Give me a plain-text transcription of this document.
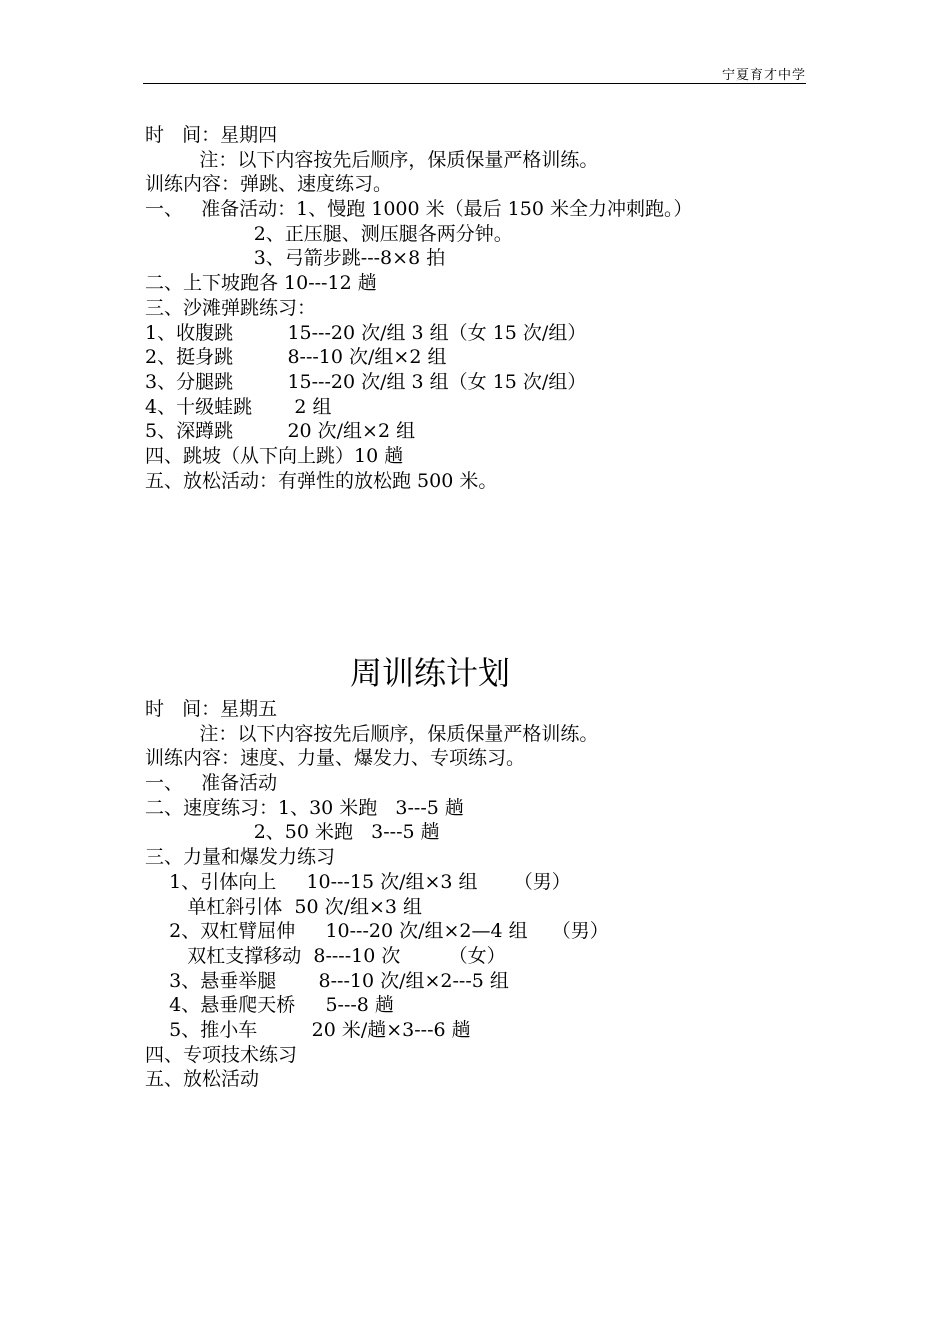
宁夏育才中学
时   间：星期四
注：以下内容按先后顺序，保质保量严格训练。
训练内容：弹跳、速度练习。
一、   准备活动：1、慢跑 1000 米（最后 150 米全力冲刺跑。）
2、正压腿、测压腿各两分钟。
3、弓箭步跳---8×8 拍
二、上下坡跑各 10---12 趟
三、沙滩弹跳练习：
1、收腹跳         15---20 次/组 3 组（女 15 次/组）
2、挺身跳         8---10 次/组×2 组
3、分腿跳         15---20 次/组 3 组（女 15 次/组）
4、十级蛙跳       2 组
5、深蹲跳         20 次/组×2 组
四、跳坡（从下向上跳）10 趟
五、放松活动：有弹性的放松跑 500 米。
周训练计划
时   间：星期五
注：以下内容按先后顺序，保质保量严格训练。
训练内容：速度、力量、爆发力、专项练习。
一、   准备活动
二、速度练习：1、30 米跑   3---5 趟
2、50 米跑   3---5 趟
三、力量和爆发力练习
1、引体向上     10---15 次/组×3 组      （男）
单杠斜引体  50 次/组×3 组
2、双杠臂屈伸     10---20 次/组×2—4 组    （男）
双杠支撑移动  8----10 次        （女）
3、悬垂举腿       8---10 次/组×2---5 组
4、悬垂爬天桥     5---8 趟
5、推小车         20 米/趟×3---6 趟
四、专项技术练习
五、放松活动
